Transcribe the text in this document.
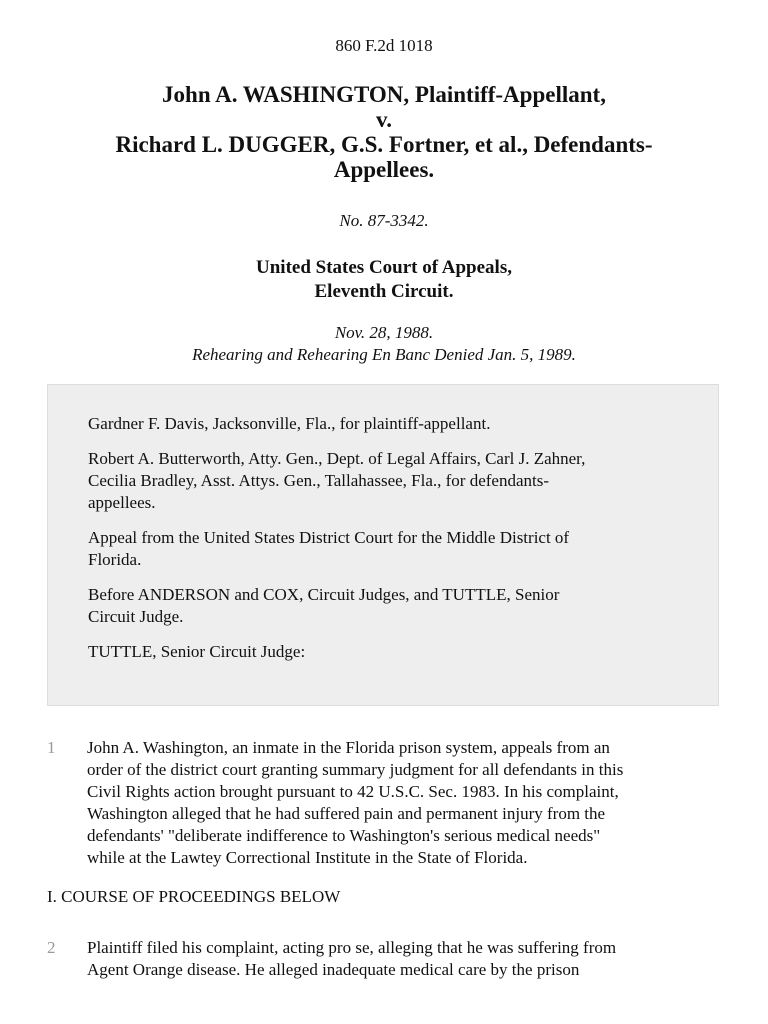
860 F.2d 1018
John A. WASHINGTON, Plaintiff-Appellant,
v.
Richard L. DUGGER, G.S. Fortner, et al., Defendants-
Appellees.
No. 87-3342.
United States Court of Appeals,
Eleventh Circuit.
Nov. 28, 1988.
Rehearing and Rehearing En Banc Denied Jan. 5, 1989.

Gardner F. Davis, Jacksonville, Fla., for plaintiff-appellant.

Robert A. Butterworth, Atty. Gen., Dept. of Legal Affairs, Carl J. Zahner,
Cecilia Bradley, Asst. Attys. Gen., Tallahassee, Fla., for defendants-
appellees.

Appeal from the United States District Court for the Middle District of
Florida.

Before ANDERSON and COX, Circuit Judges, and TUTTLE, Senior
Circuit Judge.

TUTTLE, Senior Circuit Judge:

1 John A. Washington, an inmate in the Florida prison system, appeals from an
order of the district court granting summary judgment for all defendants in this
Civil Rights action brought pursuant to 42 U.S.C. Sec. 1983. In his complaint,
Washington alleged that he had suffered pain and permanent injury from the
defendants' "deliberate indifference to Washington's serious medical needs"
while at the Lawtey Correctional Institute in the State of Florida.
I. COURSE OF PROCEEDINGS BELOW
2 Plaintiff filed his complaint, acting pro se, alleging that he was suffering from
Agent Orange disease. He alleged inadequate medical care by the prison
